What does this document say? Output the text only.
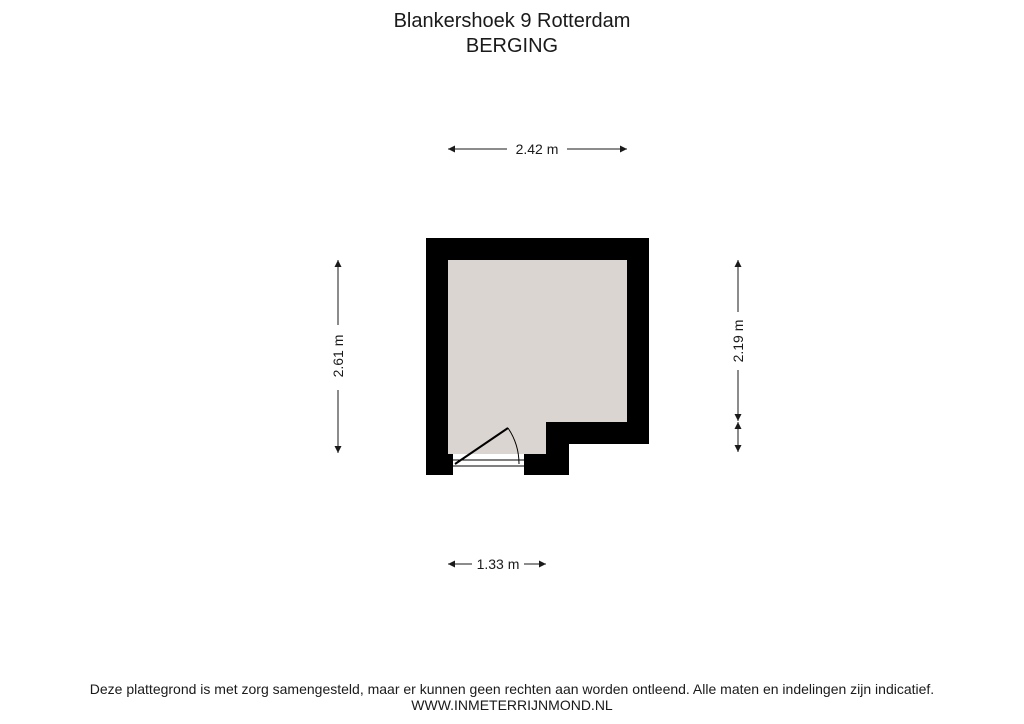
Blankershoek 9 Rotterdam
BERGING
2.42 m
2.61 m	2.19 m
1.33 m
Deze plattegrond is met zorg samengesteld, maar er kunnen geen rechten aan worden ontleend. Alle maten en indelingen zijn indicatief.
WWW.INMETERRIJNMOND.NL
